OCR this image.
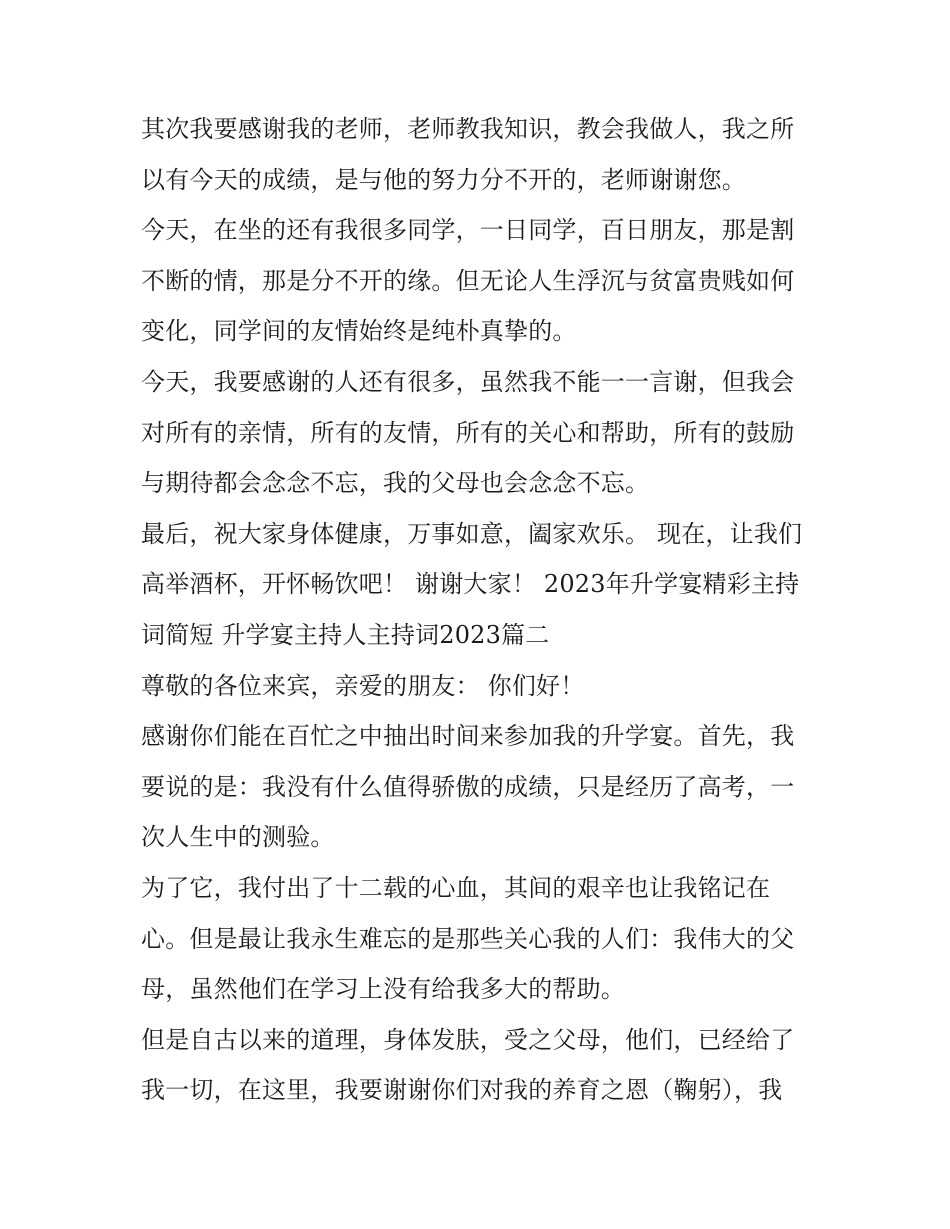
其次我要感谢我的老师，老师教我知识，教会我做人，我之所以有今天的成绩，是与他的努力分不开的，老师谢谢您。

今天，在坐的还有我很多同学，一日同学，百日朋友，那是割不断的情，那是分不开的缘。但无论人生浮沉与贫富贵贱如何变化，同学间的友情始终是纯朴真挚的。

今天，我要感谢的人还有很多，虽然我不能一一言谢，但我会对所有的亲情，所有的友情，所有的关心和帮助，所有的鼓励与期待都会念念不忘，我的父母也会念念不忘。

最后，祝大家身体健康，万事如意，阖家欢乐。 现在，让我们高举酒杯，开怀畅饮吧！ 谢谢大家！ 2023年升学宴精彩主持词简短 升学宴主持人主持词2023篇二

尊敬的各位来宾，亲爱的朋友： 你们好！

感谢你们能在百忙之中抽出时间来参加我的升学宴。首先，我要说的是：我没有什么值得骄傲的成绩，只是经历了高考，一次人生中的测验。

为了它，我付出了十二载的心血，其间的艰辛也让我铭记在心。但是最让我永生难忘的是那些关心我的人们：我伟大的父母，虽然他们在学习上没有给我多大的帮助。

但是自古以来的道理，身体发肤，受之父母，他们，已经给了我一切，在这里，我要谢谢你们对我的养育之恩（鞠躬），我
